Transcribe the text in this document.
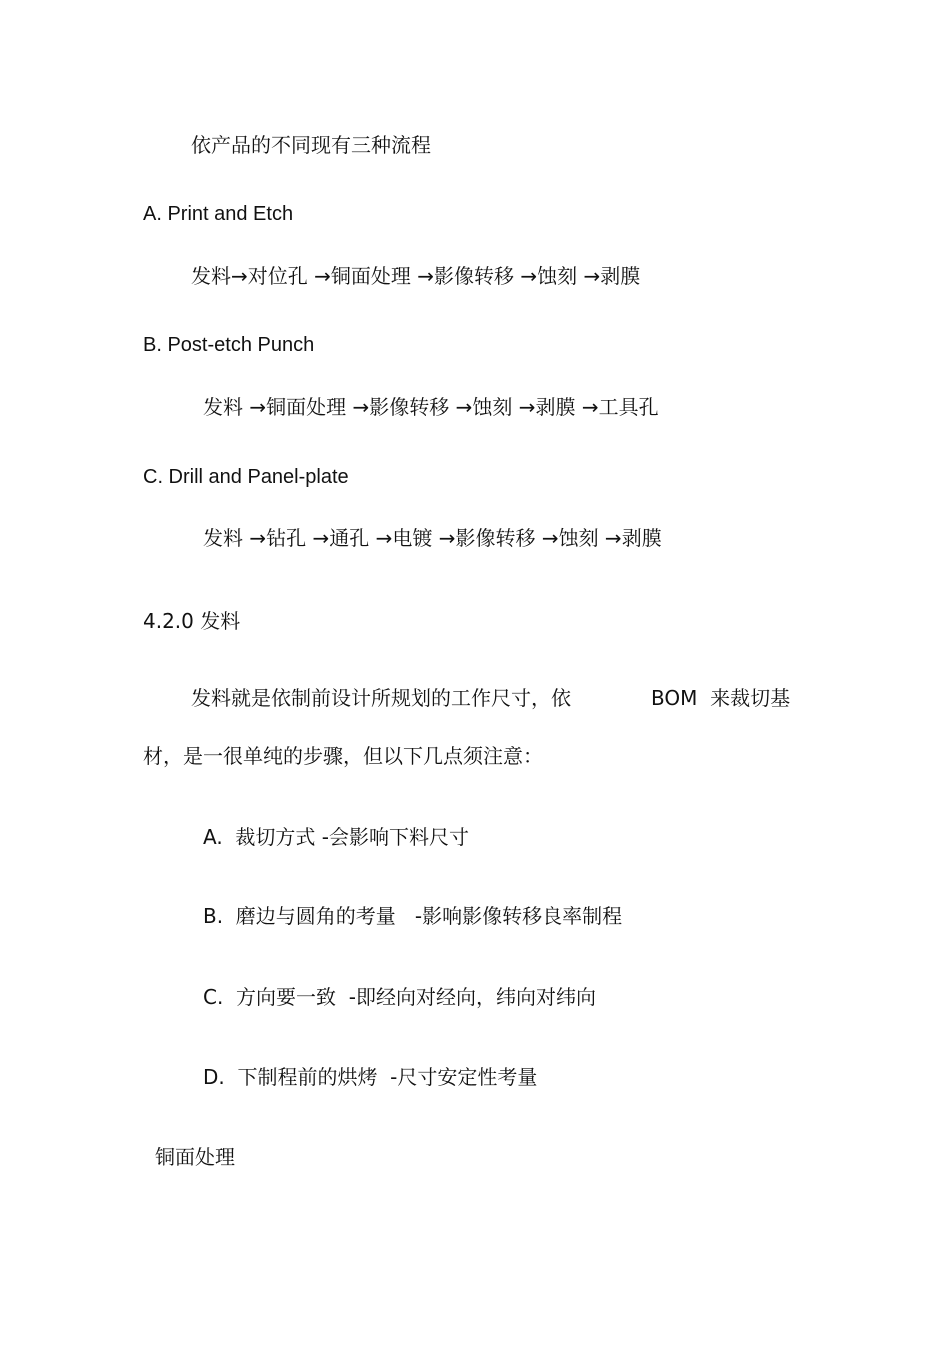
依产品的不同现有三种流程
A. Print and Etch
发料→对位孔 →铜面处理 →影像转移 →蚀刻 →剥膜
B. Post-etch Punch
发料 →铜面处理 →影像转移 →蚀刻 →剥膜 →工具孔
C. Drill and Panel-plate
发料 →钻孔 →通孔 →电镀 →影像转移 →蚀刻 →剥膜
4.2.0 发料
发料就是依制前设计所规划的工作尺寸，依	BOM  来裁切基
材，是一很单纯的步骤，但以下几点须注意：
A.  裁切方式 -会影响下料尺寸
B.  磨边与圆角的考量   -影响影像转移良率制程
C.  方向要一致  -即经向对经向，纬向对纬向
D.  下制程前的烘烤  -尺寸安定性考量
铜面处理
